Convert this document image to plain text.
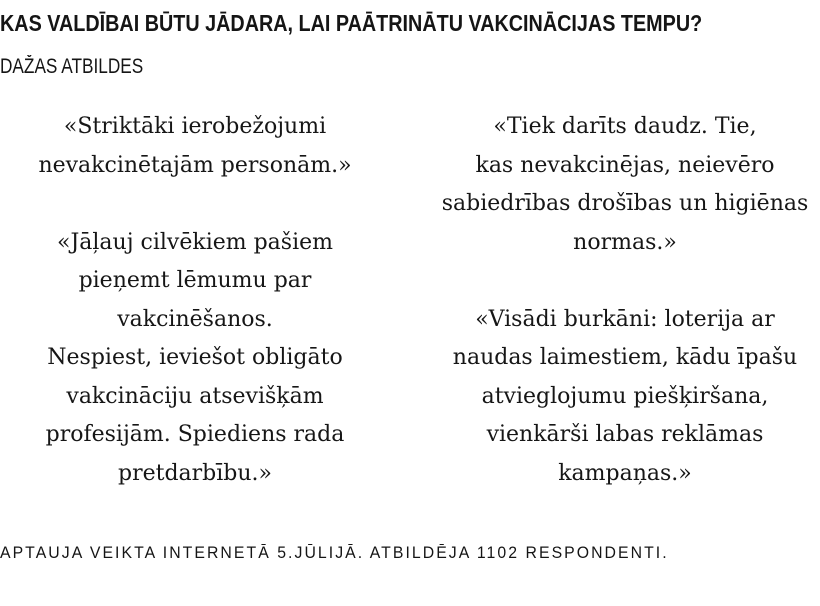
KAS VALDĪBAI BŪTU JĀDARA, LAI PAĀTRINĀTU VAKCINĀCIJAS TEMPU?
DAŽAS ATBILDES
«Striktāki ierobežojumi
nevakcinētajām personām.»
«Jāļauj cilvēkiem pašiem
pieņemt lēmumu par
vakcinēšanos.
Nespiest, ieviešot obligāto
vakcināciju atsevišķām
profesijām. Spiediens rada
pretdarbību.»
«Tiek darīts daudz. Tie,
kas nevakcinējas, neievēro
sabiedrības drošības un higiēnas
normas.»
«Visādi burkāni: loterija ar
naudas laimestiem, kādu īpašu
atvieglojumu piešķiršana,
vienkārši labas reklāmas
kampaņas.»
APTAUJA VEIKTA INTERNETĀ 5.JŪLIJĀ. ATBILDĒJA 1102 RESPONDENTI.
